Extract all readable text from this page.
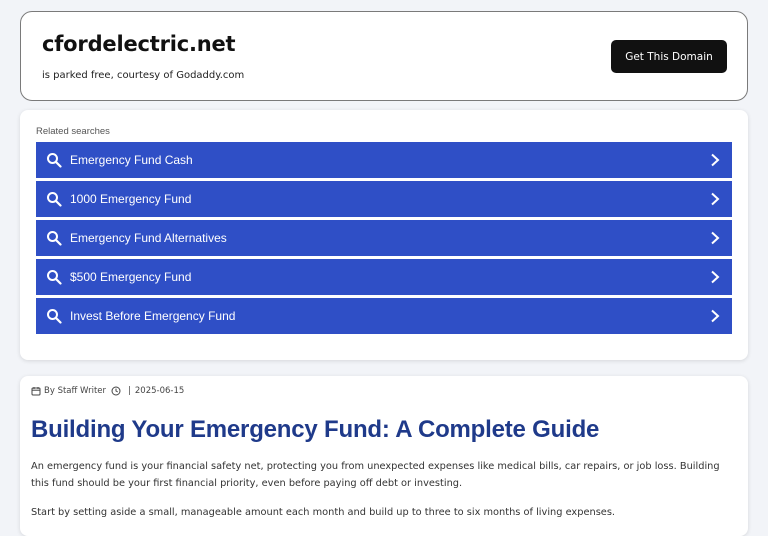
cfordelectric.net
is parked free, courtesy of Godaddy.com
Get This Domain
Related searches
Emergency Fund Cash
1000 Emergency Fund
Emergency Fund Alternatives
$500 Emergency Fund
Invest Before Emergency Fund
By Staff Writer	| 2025-06-15
Building Your Emergency Fund: A Complete Guide

An emergency fund is your financial safety net, protecting you from unexpected expenses like medical bills, car repairs, or job loss. Building this fund should be your first financial priority, even before paying off debt or investing.

Start by setting aside a small, manageable amount each month and build up to three to six months of living expenses.
